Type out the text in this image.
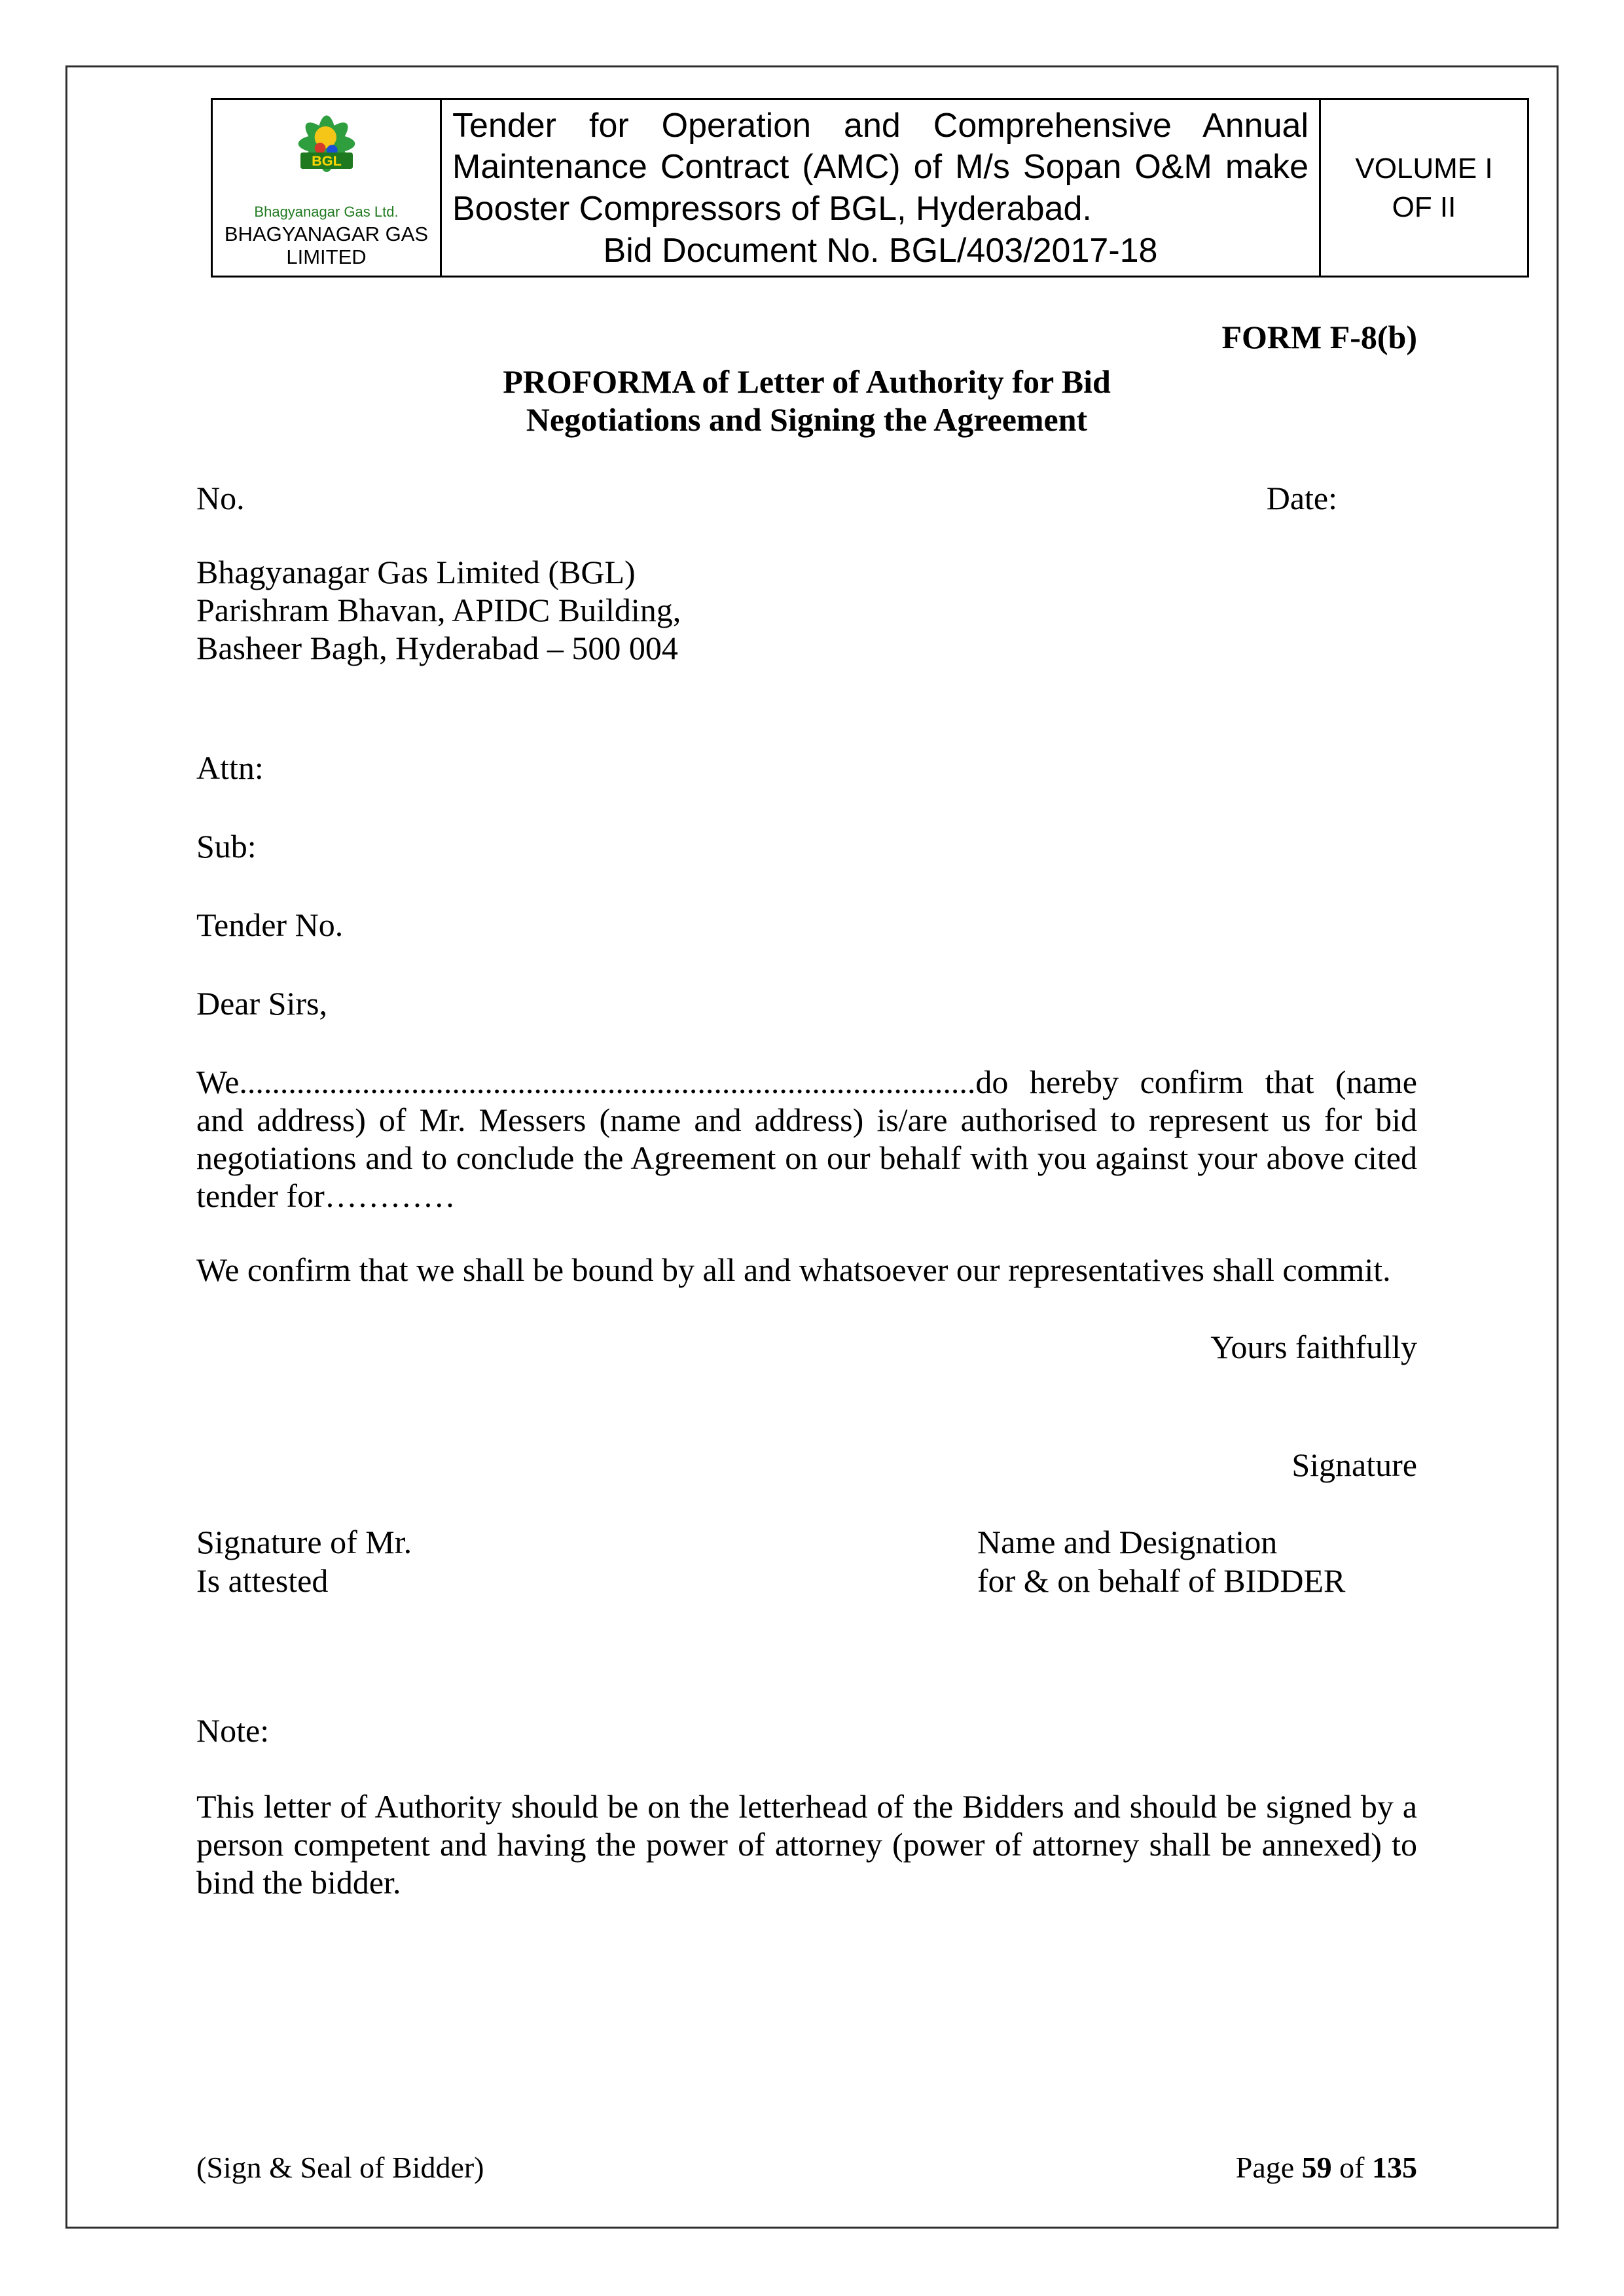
BGL
Bhagyanagar Gas Ltd.
BHAGYANAGAR GAS LIMITED

Tender for Operation and Comprehensive Annual Maintenance Contract (AMC) of M/s Sopan O&M make Booster Compressors of BGL, Hyderabad.
Bid Document No. BGL/403/2017-18

VOLUME I
OF II
FORM F-8(b)
PROFORMA of Letter of Authority for Bid
Negotiations and Signing the Agreement
No.	Date:
Bhagyanagar Gas Limited (BGL)
Parishram Bhavan, APIDC Building,
Basheer Bagh, Hyderabad – 500 004
Attn:
Sub:
Tender No.
Dear Sirs,
We..........................................................................................do hereby confirm that (name and address) of Mr. Messers (name and address) is/are authorised to represent us for bid negotiations and to conclude the Agreement on our behalf with you against your above cited tender for…………
We confirm that we shall be bound by all and whatsoever our representatives shall commit.
Yours faithfully
Signature
Signature of Mr.
Is attested
Name and Designation
for & on behalf of BIDDER
Note:
This letter of Authority should be on the letterhead of the Bidders and should be signed by a person competent and having the power of attorney (power of attorney shall be annexed) to bind the bidder.
(Sign & Seal of Bidder)	Page 59 of 135
